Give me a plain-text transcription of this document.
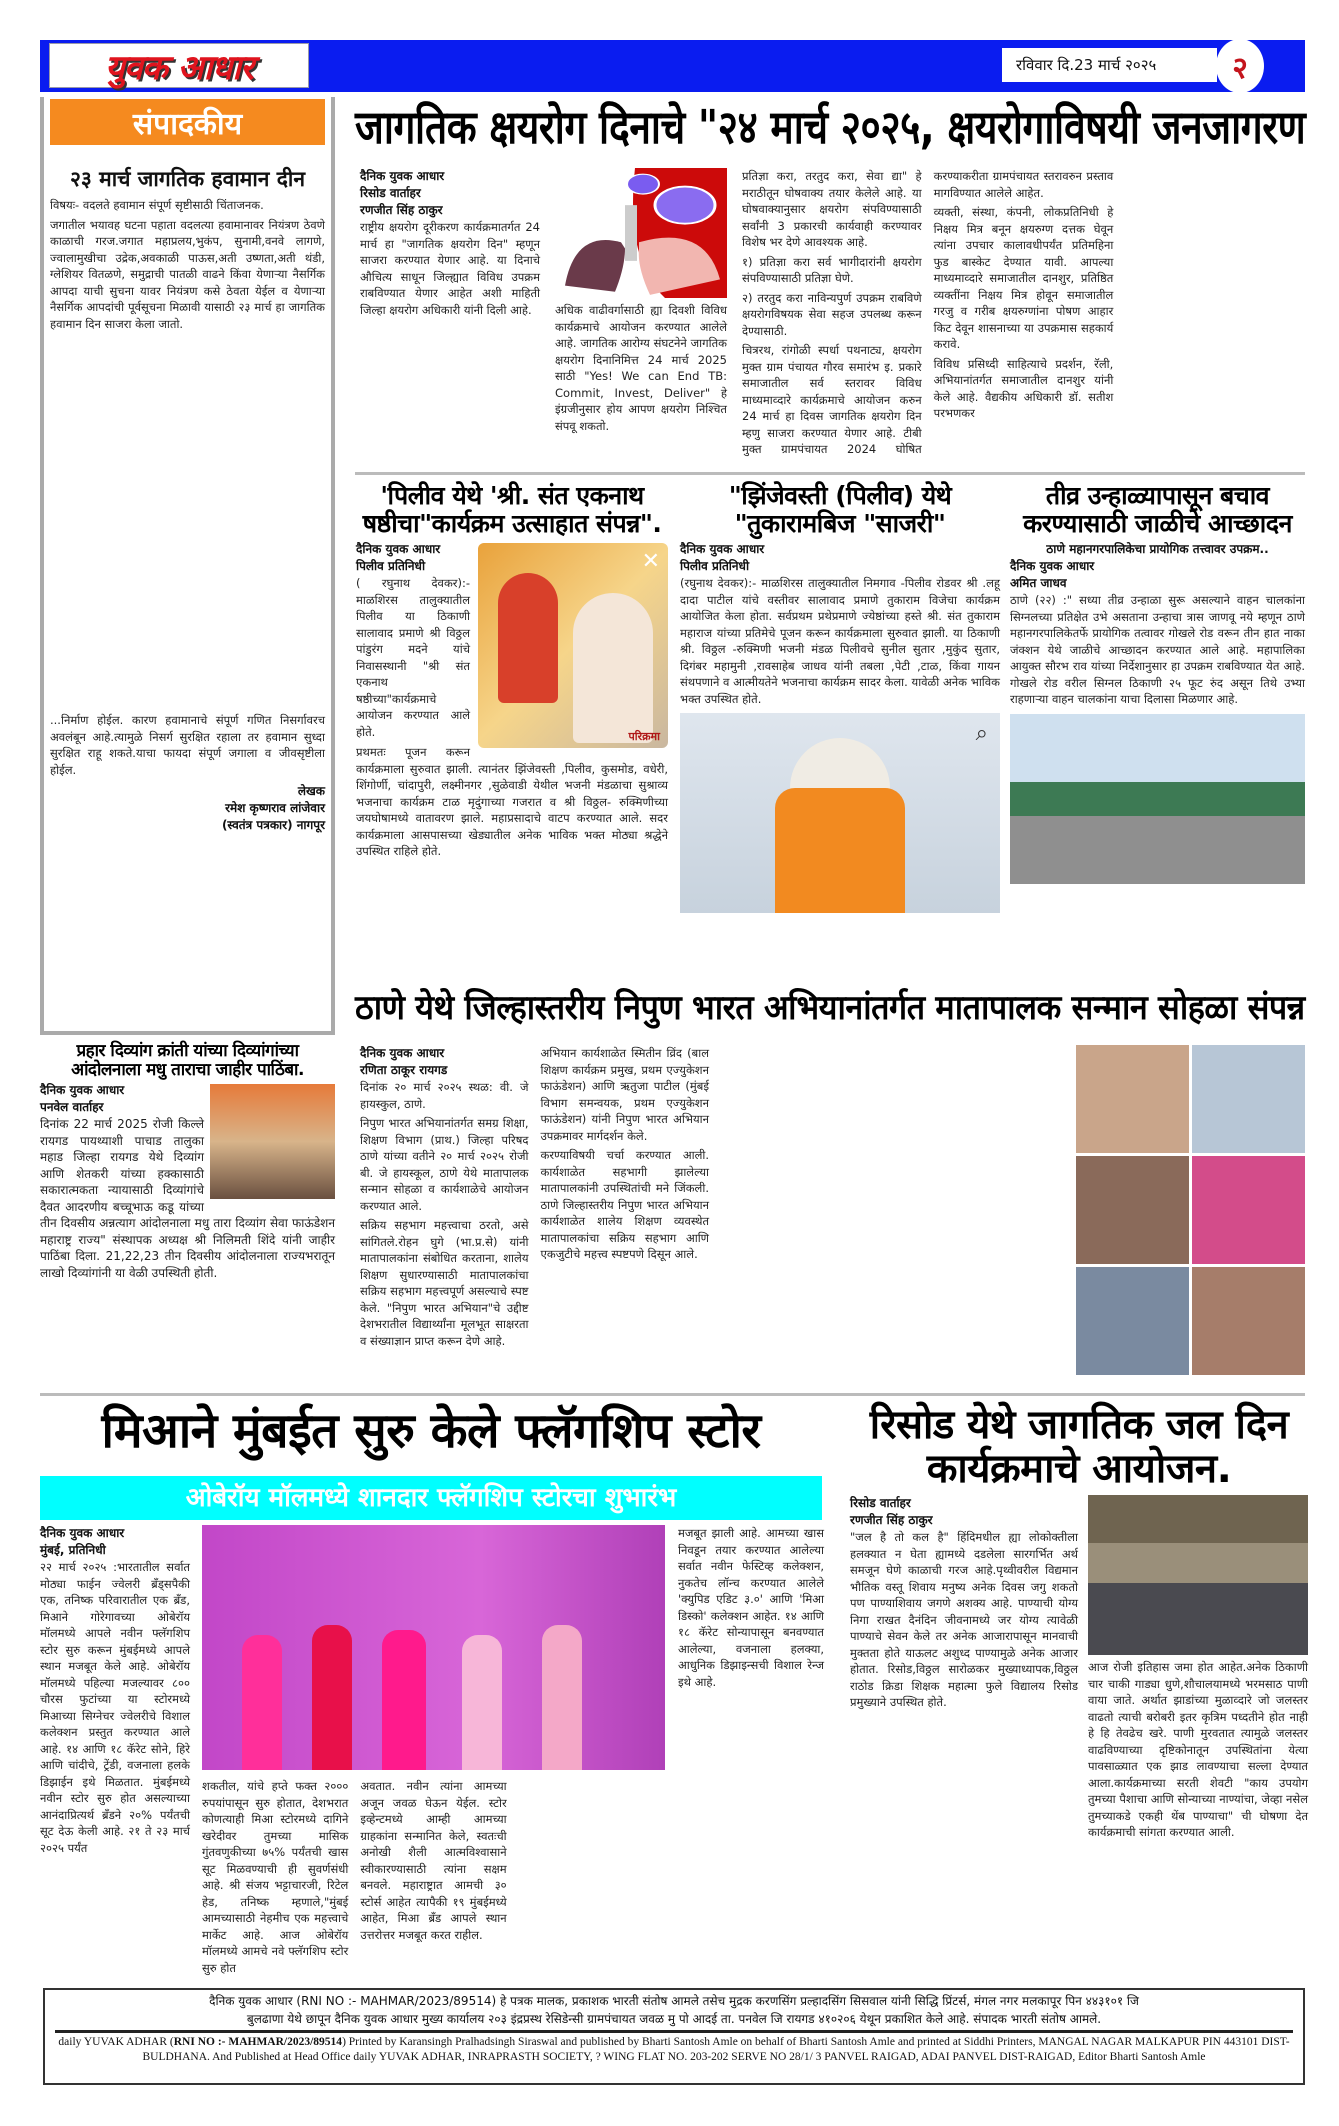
युवक आधार	रविवार दि.23 मार्च २०२५	२
संपादकीय
२३ मार्च जागतिक हवामान दीन

विषयः- वदलते हवामान संपूर्ण सृष्टीसाठी चिंताजनक.

जगातील भयावह घटना पहाता वदलत्या हवामानावर नियंत्रण ठेवणे काळाची गरज.जगात महाप्रलय,भुकंप, सुनामी,वनवे लागणे, ज्वालामुखीचा उद्रेक,अवकाळी पाऊस,अती उष्णता,अती थंडी, ग्लेशियर वितळणे, समुद्राची पातळी वाढने किंवा येणाऱ्या नैसर्गिक आपदा याची सुचना यावर नियंत्रण कसे ठेवता येईल व येणाऱ्या नैसर्गिक आपदांची पूर्वसूचना मिळावी यासाठी २३ मार्च हा जागतिक हवामान दिन साजरा केला जातो.

...निर्माण होईल. कारण हवामानाचे संपूर्ण गणित निसर्गावरच अवलंबून आहे.त्यामुळे निसर्ग सुरक्षित रहाला तर हवामान सुध्दा सुरक्षित राहू शकते.याचा फायदा संपूर्ण जगाला व जीवसृष्टीला होईल.

लेखक
रमेश कृष्णराव लांजेवार
(स्वतंत्र पत्रकार) नागपूर
जागतिक क्षयरोग दिनाचे "२४ मार्च २०२५, क्षयरोगाविषयी जनजागरण
दैनिक युवक आधार
रिसोड वार्ताहर
रणजीत सिंह ठाकुर
राष्ट्रीय क्षयरोग दूरीकरण कार्यक्रमातर्गत 24 मार्च हा "जागतिक क्षयरोग दिन" म्हणून साजरा करण्यात येणार आहे. या दिनाचे औचित्य साधून जिल्ह्यात विविध उपक्रम राबविण्यात येणार आहेत अशी माहिती जिल्हा क्षयरोग अधिकारी यांनी दिली आहे.	अधिक वाढीवर्गासाठी ह्या दिवशी विविध कार्यक्रमाचे आयोजन करण्यात आलेले आहे. जागतिक आरोग्य संघटनेने जागतिक क्षयरोग दिनानिमित्त 24 मार्च 2025 साठी "Yes! We can End TB: Commit, Invest, Deliver" हे इंग्रजीनुसार होय आपण क्षयरोग निश्चित संपवू शकतो.

प्रतिज्ञा करा, तरतुद करा, सेवा द्या" हे मराठीतून घोषवाक्य तयार केलेले आहे. या घोषवाक्यानुसार क्षयरोग संपविण्यासाठी सर्वांनी 3 प्रकारची कार्यवाही करण्यावर विशेष भर देणे आवश्यक आहे.

१) प्रतिज्ञा करा सर्व भागीदारांनी क्षयरोग संपविण्यासाठी प्रतिज्ञा घेणे.

२) तरतुद करा नाविन्यपुर्ण उपक्रम राबविणे क्षयरोगविषयक सेवा सहज उपलब्ध करून देण्यासाठी.

चित्ररथ, रांगोळी स्पर्धा पथनाट्य, क्षयरोग मुक्त ग्राम पंचायत गौरव समारंभ इ. प्रकारे समाजातील सर्व स्तरावर विविध माध्यमाव्दारे कार्यक्रमाचे आयोजन करुन 24 मार्च हा दिवस जागतिक क्षयरोग दिन म्हणु साजरा करण्यात येणार आहे. टीबी मुक्त ग्रामपंचायत 2024 घोषित करण्याकरीता ग्रामपंचायत स्तरावरुन प्रस्ताव मागविण्यात आलेले आहेत.

व्यक्ती, संस्था, कंपनी, लोकप्रतिनिधी हे निक्षय मित्र बनून क्षयरुग्ण दत्तक घेवून त्यांना उपचार कालावधीपर्यंत प्रतिमहिना फुड बास्केट देण्यात यावी. आपल्या माध्यमाव्दारे समाजातील दानशुर, प्रतिष्ठित व्यक्तींना निक्षय मित्र होवून समाजातील गरजु व गरीब क्षयरुग्णांना पोषण आहार किट देवून शासनाच्या या उपक्रमास सहकार्य करावे.

विविध प्रसिध्दी साहित्याचे प्रदर्शन, रॅली, अभियानांतर्गत समाजातील दानशुर यांनी केले आहे. वैद्यकीय अधिकारी डॉ. सतीश परभणकर

'पिलीव येथे 'श्री. संत एकनाथ षष्ठीचा"कार्यक्रम उत्साहात संपन्न".
✕
परिक्रमा
दैनिक युवक आधार
पिलीव प्रतिनिधी
( रघुनाथ देवकर):- माळशिरस तालुक्यातील पिलीव या ठिकाणी सालावाद प्रमाणे श्री विठ्ठल पांडुरंग मदने यांचे निवासस्थानी "श्री संत एकनाथ षष्ठीच्या"कार्यक्रमाचे आयोजन करण्यात आले होते.
प्रथमतः पूजन करून कार्यक्रमाला सुरुवात झाली. त्यानंतर झिंजेवस्ती ,पिलीव, कुसमोड, वधेरी, शिंगोर्णी, चांदापुरी, लक्ष्मीनगर ,सुळेवाडी येथील भजनी मंडळाचा सुश्राव्य भजनाचा कार्यक्रम टाळ मृदुंगाच्या गजरात व श्री विठ्ठल- रुक्मिणीच्या जयघोषामध्ये वातावरण झाले. महाप्रसादाचे वाटप करण्यात आले. सदर कार्यक्रमाला आसपासच्या खेड्यातील अनेक भाविक भक्त मोठ्या श्रद्धेने उपस्थित राहिले होते.
"झिंजेवस्ती (पिलीव) येथे "तुकारामबिज "साजरी"
दैनिक युवक आधार
पिलीव प्रतिनिधी
(रघुनाथ देवकर):- माळशिरस तालुक्यातील निमगाव -पिलीव रोडवर श्री .लहू दादा पाटील यांचे वस्तीवर सालावाद प्रमाणे तुकाराम विजेचा कार्यक्रम आयोजित केला होता. सर्वप्रथम प्रथेप्रमाणे ज्येष्ठांच्या हस्ते श्री. संत तुकाराम महाराज यांच्या प्रतिमेचे पूजन करून कार्यक्रमाला सुरुवात झाली. या ठिकाणी श्री. विठ्ठल -रुक्मिणी भजनी मंडळ पिलीवचे सुनील सुतार ,मुकुंद सुतार, दिगंबर महामुनी ,रावसाहेब जाधव यांनी तबला ,पेटी ,टाळ, किंवा गायन संथपणाने व आत्मीयतेने भजनाचा कार्यक्रम सादर केला. यावेळी अनेक भाविक भक्त उपस्थित होते.
⌕
तीव्र उन्हाळ्यापासून बचाव करण्यासाठी जाळीचे आच्छादन
ठाणे महानगरपालिकेचा प्रायोगिक तत्त्वावर उपक्रम..
दैनिक युवक आधार
अमित जाधव
ठाणे (२२) :" सध्या तीव्र उन्हाळा सुरू असल्याने वाहन चालकांना सिग्नलच्या प्रतिक्षेत उभे असताना उन्हाचा त्रास जाणवू नये म्हणून ठाणे महानगरपालिकेतर्फे प्रायोगिक तत्वावर गोखले रोड वरून तीन हात नाका जंक्शन येथे जाळीचे आच्छादन करण्यात आले आहे. महापालिका आयुक्त सौरभ राव यांच्या निर्देशानुसार हा उपक्रम राबविण्यात येत आहे. गोखले रोड वरील सिग्नल ठिकाणी २५ फूट रुंद असून तिथे उभ्या राहणाऱ्या वाहन चालकांना याचा दिलासा मिळणार आहे.
ठाणे येथे जिल्हास्तरीय निपुण भारत अभियानांतर्गत मातापालक सन्मान सोहळा संपन्न
दैनिक युवक आधार
रणिता ठाकूर रायगड

दिनांक २० मार्च २०२५ स्थळ: वी. जे हायस्कुल, ठाणे.

निपुण भारत अभियानांतर्गत समग्र शिक्षा, शिक्षण विभाग (प्राथ.) जिल्हा परिषद ठाणे यांच्या वतीने २० मार्च २०२५ रोजी बी. जे हायस्कूल, ठाणे येथे मातापालक सन्मान सोहळा व कार्यशाळेचे आयोजन करण्यात आले.

सक्रिय सहभाग महत्त्वाचा ठरतो, असे सांगितले.रोहन घुगे (भा.प्र.से) यांनी मातापालकांना संबोधित करताना, शालेय शिक्षण सुधारण्यासाठी मातापालकांचा सक्रिय सहभाग महत्त्वपूर्ण असल्याचे स्पष्ट केले. "निपुण भारत अभियान"चे उद्दीष्ट देशभरातील विद्यार्थ्यांना मूलभूत साक्षरता व संख्याज्ञान प्राप्त करून देणे आहे.

अभियान कार्यशाळेत स्मितीन व्रिंद (बाल शिक्षण कार्यक्रम प्रमुख, प्रथम एज्युकेशन फाऊंडेशन) आणि ऋतुजा पाटील (मुंबई विभाग समन्वयक, प्रथम एज्युकेशन फाऊंडेशन) यांनी निपुण भारत अभियान उपक्रमावर मार्गदर्शन केले.

करण्याविषयी चर्चा करण्यात आली. कार्यशाळेत सहभागी झालेल्या मातापालकांनी उपस्थितांची मने जिंकली. ठाणे जिल्हास्तरीय निपुण भारत अभियान कार्यशाळेत शालेय शिक्षण व्यवस्थेत मातापालकांचा सक्रिय सहभाग आणि एकजुटीचे महत्त्व स्पष्टपणे दिसून आले.

प्रहार दिव्यांग क्रांती यांच्या दिव्यांगांच्या आंदोलनाला मधु ताराचा जाहीर पाठिंबा.
दैनिक युवक आधार
पनवेल वार्ताहर
दिनांक 22 मार्च 2025 रोजी किल्ले रायगड पायथ्याशी पाचाड तालुका महाड जिल्हा रायगड येथे दिव्यांग आणि शेतकरी यांच्या हक्कासाठी सकारात्मकता न्यायासाठी दिव्यांगांचे दैवत आदरणीय बच्चूभाऊ कडू यांच्या तीन दिवसीय अन्नत्याग आंदोलनाला मधु तारा दिव्यांग सेवा फाऊंडेशन महाराष्ट्र राज्य" संस्थापक अध्यक्ष श्री निलिमती शिंदे यांनी जाहीर पाठिंबा दिला. 21,22,23 तीन दिवसीय आंदोलनाला राज्यभरातून लाखो दिव्यांगांनी या वेळी उपस्थिती होती.
मिआने मुंबईत सुरु केले फ्लॅगशिप स्टोर
ओबेरॉय मॉलमध्ये शानदार फ्लॅगशिप स्टोरचा शुभारंभ
दैनिक युवक आधार
मुंबई, प्रतिनिधी
२२ मार्च २०२५ :भारतातील सर्वात मोठ्या फाईन ज्वेलरी ब्रँड्सपैकी एक, तनिष्क परिवारातील एक ब्रँड, मिआने गोरेगावच्या ओबेरॉय मॉलमध्ये आपले नवीन फ्लॅगशिप स्टोर सुरु करून मुंबईमध्ये आपले स्थान मजबूत केले आहे. ओबेरॉय मॉलमध्ये पहिल्या मजल्यावर ८०० चौरस फुटांच्या या स्टोरमध्ये मिआच्या सिग्नेचर ज्वेलरीचे विशाल कलेक्शन प्रस्तुत करण्यात आले आहे. १४ आणि १८ कॅरेट सोने, हिरे आणि चांदीचे, ट्रेंडी, वजनाला हलके डिझाईन इथे मिळतात. मुंबईमध्ये नवीन स्टोर सुरु होत असल्याच्या आनंदाप्रित्यर्थ ब्रँडने २०% पर्यंतची सूट देऊ केली आहे. २१ ते २३ मार्च २०२५ पर्यंत

शकतील, यांचे हप्ते फक्त २००० रुपयांपासून सुरु होतात, देशभरात कोणत्याही मिआ स्टोरमध्ये दागिने खरेदीवर तुमच्या मासिक गुंतवणुकीच्या ७५% पर्यंतची खास सूट मिळवण्याची ही सुवर्णसंधी आहे. श्री संजय भट्टाचारजी, रिटेल हेड, तनिष्क म्हणाले,"मुंबई आमच्यासाठी नेहमीच एक महत्त्वाचे मार्केट आहे. आज ओबेरॉय मॉलमध्ये आमचे नवे फ्लॅगशिप स्टोर सुरु होत

अवतात. नवीन त्यांना आमच्या अजून जवळ घेऊन येईल. स्टोर इव्हेन्टमध्ये आम्ही आमच्या ग्राहकांना सन्मानित केले, स्वतःची अनोखी शैली आत्मविश्वासाने स्वीकारण्यासाठी त्यांना सक्षम बनवले. महाराष्ट्रात आमची ३० स्टोर्स आहेत त्यापैकी १९ मुंबईमध्ये आहेत, मिआ ब्रँड आपले स्थान उत्तरोत्तर मजबूत करत राहील.

मजबूत झाली आहे. आमच्या खास निवडून तयार करण्यात आलेल्या सर्वात नवीन फेस्टिव्ह कलेक्शन, नुकतेच लॉन्च करण्यात आलेले 'क्युपिड एडिट ३.०' आणि 'मिआ डिस्को' कलेक्शन आहेत. १४ आणि १८ कॅरेट सोन्यापासून बनवण्यात आलेल्या, वजनाला हलक्या, आधुनिक डिझाइन्सची विशाल रेन्ज इथे आहे.
रिसोड येथे जागतिक जल दिन कार्यक्रमाचे आयोजन.
रिसोड वार्ताहर
रणजीत सिंह ठाकुर
"जल है तो कल है" हिंदिमधील ह्या लोकोक्तीला हलक्यात न घेता ह्यामध्ये दडलेला सारगर्भित अर्थ समजून घेणे काळाची गरज आहे.पृथ्वीवरील विद्यमान भौतिक वस्तू शिवाय मनुष्य अनेक दिवस जगु शकतो पण पाण्याशिवाय जगणे अशक्य आहे. पाण्याची योग्य निगा राखत दैनंदिन जीवनामध्ये जर योग्य त्यावेळी पाण्याचे सेवन केले तर अनेक आजारापासून मानवाची मुक्तता होते याऊलट अशुध्द पाण्यामुळे अनेक आजार होतात. रिसोड,विठ्ठल सारोळकर मुख्याध्यापक,विठ्ठल राठोड क्रिडा शिक्षक महात्मा फुले विद्यालय रिसोड प्रमुख्याने उपस्थित होते.
आज रोजी इतिहास जमा होत आहेत.अनेक ठिकाणी चार चाकी गाड्या धुणे,शौचालयामध्ये भरमसाठ पाणी वाया जाते. अर्थात झाडांच्या मुळाव्दारे जो जलस्तर वाढतो त्याची बरोबरी इतर कृत्रिम पध्दतीने होत नाही हे हि तेवढेच खरे. पाणी मुरवतात त्यामुळे जलस्तर वाढविण्याच्या दृष्टिकोनातून उपस्थितांना येत्या पावसाळ्यात एक झाड लावण्याचा सल्ला देण्यात आला.कार्यक्रमाच्या सरती शेवटी "काय उपयोग तुमच्या पैशाचा आणि सोन्याच्या नाण्यांचा, जेव्हा नसेल तुमच्याकडे एकही थेंब पाण्याचा" ची घोषणा देत कार्यक्रमाची सांगता करण्यात आली.
दैनिक युवक आधार (RNI NO :- MAHMAR/2023/89514) हे पत्रक मालक, प्रकाशक भारती संतोष आमले तसेच मुद्रक करणसिंग प्रल्हादसिंग सिसवाल यांनी सिद्धि प्रिंटर्स, मंगल नगर मलकापूर पिन ४४३१०१ जि
बुलढाणा येथे छापून दैनिक युवक आधार मुख्य कार्यालय २०३ इंद्रप्रस्थ रेसिडेन्सी ग्रामपंचायत जवळ मु पो आदई ता. पनवेल जि रायगड ४१०२०६ येथून प्रकाशित केले आहे. संपादक भारती संतोष आमले.
daily YUVAK ADHAR (RNI NO :- MAHMAR/2023/89514) Printed by Karansingh Pralhadsingh Siraswal and published by Bharti Santosh Amle on behalf of Bharti Santosh Amle and printed at Siddhi Printers, MANGAL NAGAR MALKAPUR PIN 443101 DIST- BULDHANA. And Published at Head Office daily YUVAK ADHAR, INRAPRASTH SOCIETY, ? WING FLAT NO. 203-202 SERVE NO 28/1/ 3 PANVEL RAIGAD, ADAI PANVEL DIST-RAIGAD, Editor Bharti Santosh Amle
